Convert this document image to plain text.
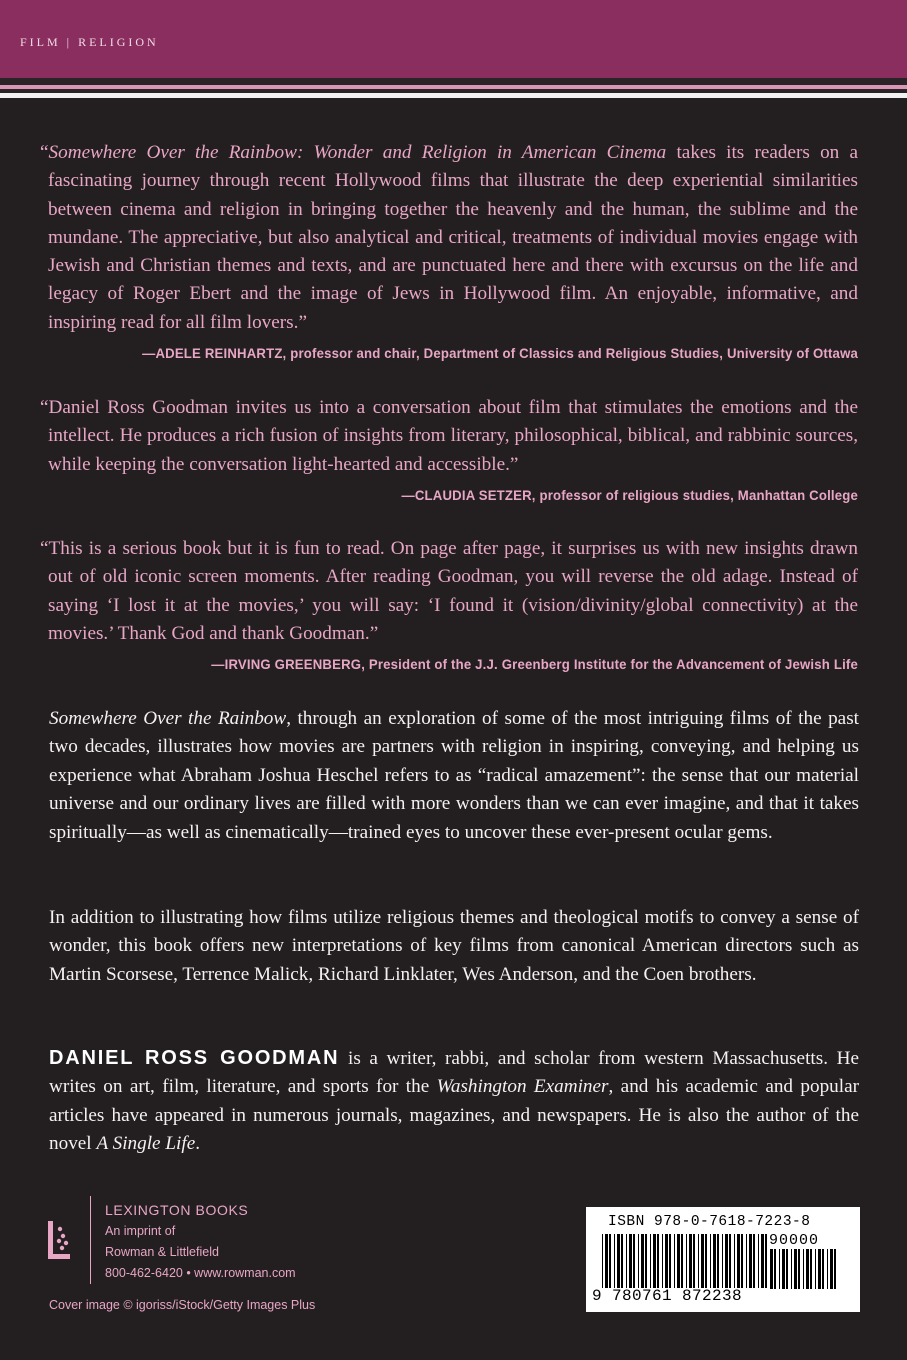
FILM | RELIGION
“Somewhere Over the Rainbow: Wonder and Religion in American Cinema takes its readers on a fascinating journey through recent Hollywood films that illustrate the deep experiential similarities between cinema and religion in bringing together the heavenly and the human, the sublime and the mundane. The appreciative, but also analytical and critical, treatments of individual movies engage with Jewish and Christian themes and texts, and are punctuated here and there with excursus on the life and legacy of Roger Ebert and the image of Jews in Hollywood film. An enjoyable, informative, and inspiring read for all film lovers.”
—ADELE REINHARTZ, professor and chair, Department of Classics and Religious Studies, University of Ottawa
“Daniel Ross Goodman invites us into a conversation about film that stimulates the emotions and the intellect. He produces a rich fusion of insights from literary, philosophical, biblical, and rabbinic sources, while keeping the conversation light-hearted and accessible.”
—CLAUDIA SETZER, professor of religious studies, Manhattan College
“This is a serious book but it is fun to read. On page after page, it surprises us with new insights drawn out of old iconic screen moments. After reading Goodman, you will reverse the old adage. Instead of saying ‘I lost it at the movies,’ you will say: ‘I found it (vision/divinity/global connectivity) at the movies.’ Thank God and thank Goodman.”
—IRVING GREENBERG, President of the J.J. Greenberg Institute for the Advancement of Jewish Life
Somewhere Over the Rainbow, through an exploration of some of the most intriguing films of the past two decades, illustrates how movies are partners with religion in inspiring, conveying, and helping us experience what Abraham Joshua Heschel refers to as “radical amazement”: the sense that our material universe and our ordinary lives are filled with more wonders than we can ever imagine, and that it takes spiritually—as well as cinematically—trained eyes to uncover these ever-present ocular gems.
In addition to illustrating how films utilize religious themes and theological motifs to convey a sense of wonder, this book offers new interpretations of key films from canonical American directors such as Martin Scorsese, Terrence Malick, Richard Linklater, Wes Anderson, and the Coen brothers.
DANIEL ROSS GOODMAN is a writer, rabbi, and scholar from western Massachusetts. He writes on art, film, literature, and sports for the Washington Examiner, and his academic and popular articles have appeared in numerous journals, magazines, and newspapers. He is also the author of the novel A Single Life.
LEXINGTON BOOKS
An imprint of
Rowman & Littlefield
800-462-6420 • www.rowman.com
Cover image © igoriss/iStock/Getty Images Plus
ISBN 978-0-7618-7223-8
90000
9 780761 872238
